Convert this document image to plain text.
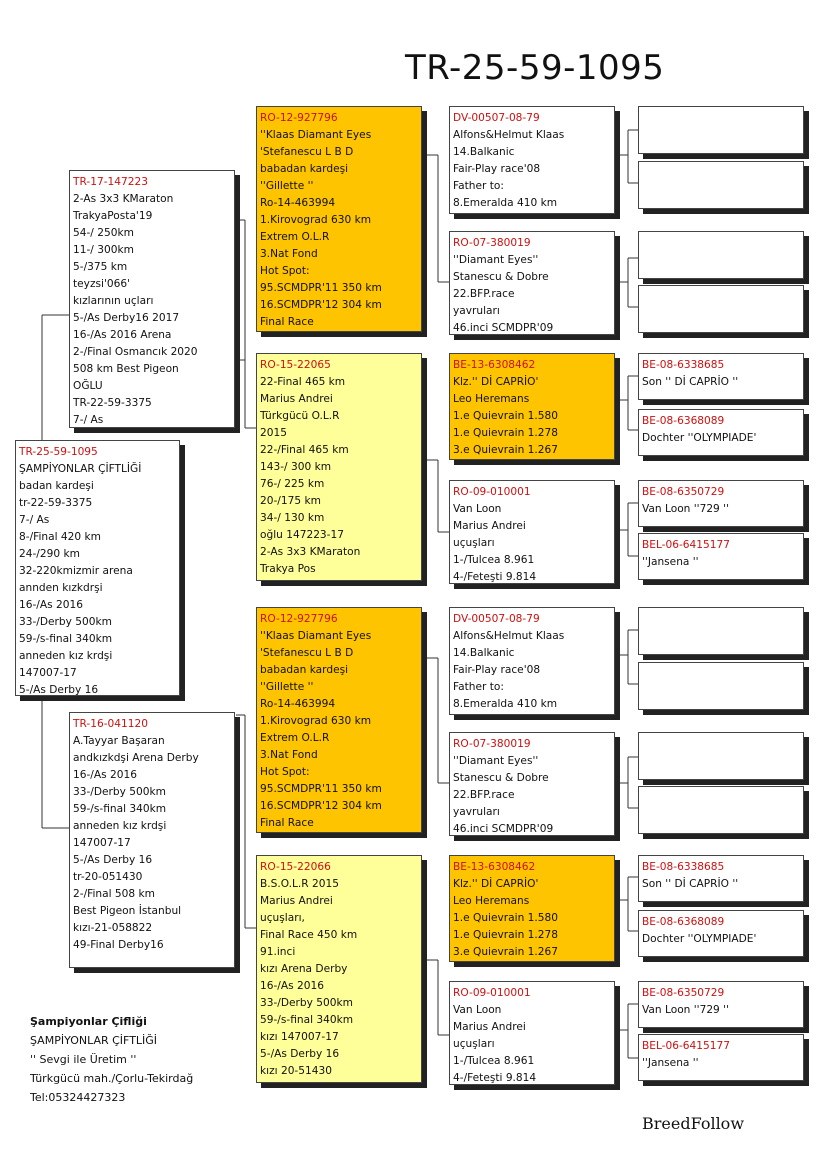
TR-25-59-1095
TR-25-59-1095
ŞAMPİYONLAR ÇİFTLİĞİ
badan kardeşi
tr-22-59-3375
7-/ As
8-/Final 420 km
24-/290 km
32-220kmizmir arena
annden kızkdrşi
16-/As 2016
33-/Derby 500km
59-/s-final 340km
anneden kız krdşi
147007-17
5-/As Derby 16
TR-17-147223
2-As 3x3 KMaraton
TrakyaPosta'19
54-/ 250km
11-/ 300km
5-/375 km
teyzsi'066'
kızlarının uçları
5-/As Derby16 2017
16-/As 2016 Arena
2-/Final Osmancık 2020
508 km Best Pigeon
OĞLU
TR-22-59-3375
7-/ As
TR-16-041120
A.Tayyar Başaran
andkızkdşi Arena Derby
16-/As 2016
33-/Derby 500km
59-/s-final 340km
anneden kız krdşi
147007-17
5-/As Derby 16
tr-20-051430
2-/Final 508 km
Best Pigeon İstanbul
kızı-21-058822
49-Final Derby16
RO-12-927796
''Klaas Diamant Eyes
'Stefanescu L B D
babadan kardeşi
''Gillette ''
Ro-14-463994
1.Kirovograd 630 km
Extrem O.L.R
3.Nat Fond
Hot Spot:
95.SCMDPR'11 350 km
16.SCMDPR'12 304 km
Final Race
RO-15-22065
22-Final 465 km
Marius Andrei
Türkgücü O.L.R
2015
22-/Final 465 km
143-/ 300 km
76-/ 225 km
20-/175 km
34-/ 130 km
oğlu 147223-17
2-As 3x3 KMaraton
Trakya Pos
RO-12-927796
''Klaas Diamant Eyes
'Stefanescu L B D
babadan kardeşi
''Gillette ''
Ro-14-463994
1.Kirovograd 630 km
Extrem O.L.R
3.Nat Fond
Hot Spot:
95.SCMDPR'11 350 km
16.SCMDPR'12 304 km
Final Race
RO-15-22066
B.S.O.L.R 2015
Marius Andrei
uçuşları,
Final Race 450 km
91.inci
kızı Arena Derby
16-/As 2016
33-/Derby 500km
59-/s-final 340km
kızı 147007-17
5-/As Derby 16
kızı 20-51430
DV-00507-08-79
Alfons&Helmut Klaas
14.Balkanic
Fair-Play race'08
Father to:
8.Emeralda 410 km
RO-07-380019
''Diamant Eyes''
Stanescu & Dobre
22.BFP.race
yavruları
46.inci SCMDPR'09
BE-13-6308462
Klz.'' Dİ CAPRİO'
Leo Heremans
1.e Quievrain 1.580
1.e Quievrain 1.278
3.e Quievrain 1.267
RO-09-010001
Van Loon
Marius Andrei
uçuşları
1-/Tulcea 8.961
4-/Feteşti 9.814
DV-00507-08-79
Alfons&Helmut Klaas
14.Balkanic
Fair-Play race'08
Father to:
8.Emeralda 410 km
RO-07-380019
''Diamant Eyes''
Stanescu & Dobre
22.BFP.race
yavruları
46.inci SCMDPR'09
BE-13-6308462
Klz.'' Dİ CAPRİO'
Leo Heremans
1.e Quievrain 1.580
1.e Quievrain 1.278
3.e Quievrain 1.267
RO-09-010001
Van Loon
Marius Andrei
uçuşları
1-/Tulcea 8.961
4-/Feteşti 9.814
BE-08-6338685
Son '' Dİ CAPRİO ''
BE-08-6368089
Dochter ''OLYMPIADE'
BE-08-6350729
Van Loon ''729 ''
BEL-06-6415177
''Jansena ''
BE-08-6338685
Son '' Dİ CAPRİO ''
BE-08-6368089
Dochter ''OLYMPIADE'
BE-08-6350729
Van Loon ''729 ''
BEL-06-6415177
''Jansena ''
Şampiyonlar Çifliği
ŞAMPİYONLAR ÇİFTLİĞİ
'' Sevgi ile Üretim ''
Türkgücü mah./Çorlu-Tekirdağ
Tel:05324427323
BreedFollow
